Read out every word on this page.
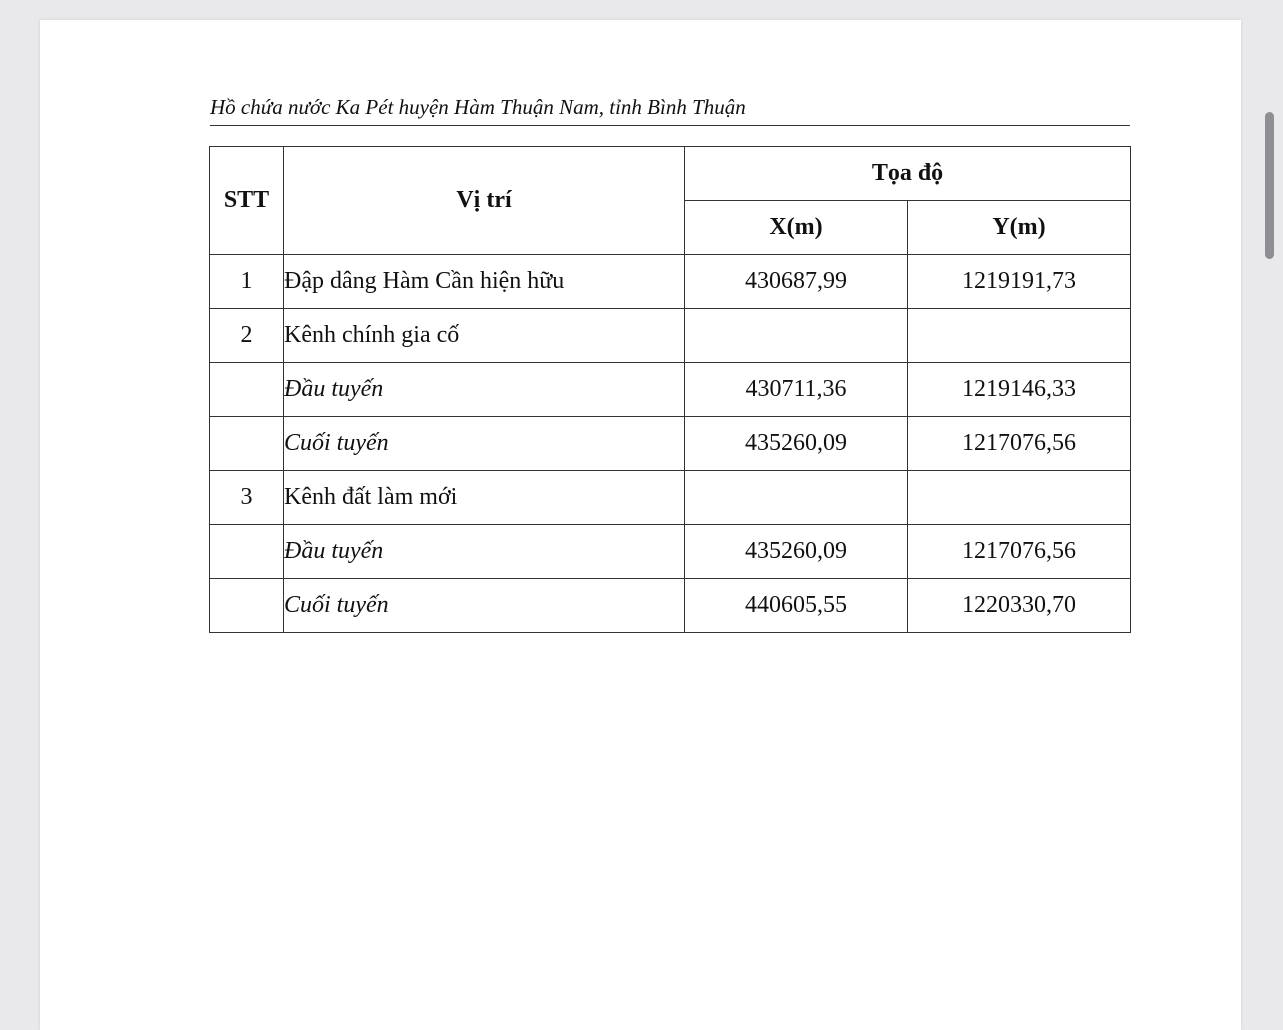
Hồ chứa nước Ka Pét huyện Hàm Thuận Nam, tỉnh Bình Thuận
STT	Vị trí	Tọa độ	
		X(m)	Y(m)
1	Đập dâng Hàm Cần hiện hữu	430687,99	1219191,73
2	Kênh chính gia cố		
	Đầu tuyến	430711,36	1219146,33
	Cuối tuyến	435260,09	1217076,56
3	Kênh đất làm mới		
	Đầu tuyến	435260,09	1217076,56
	Cuối tuyến	440605,55	1220330,70
